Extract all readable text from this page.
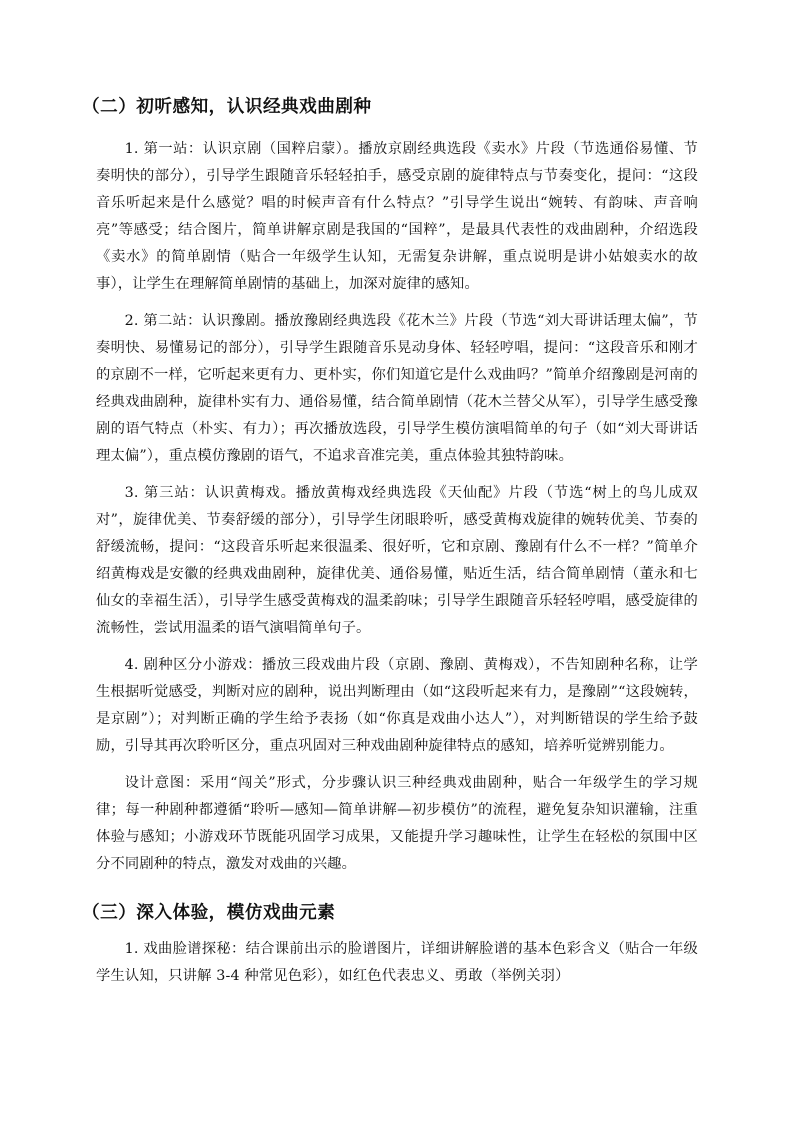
（二）初听感知，认识经典戏曲剧种

1. 第一站：认识京剧（国粹启蒙）。播放京剧经典选段《卖水》片段（节选通俗易懂、节奏明快的部分），引导学生跟随音乐轻轻拍手，感受京剧的旋律特点与节奏变化，提问：“这段音乐听起来是什么感觉？唱的时候声音有什么特点？”引导学生说出“婉转、有韵味、声音响亮”等感受；结合图片，简单讲解京剧是我国的“国粹”，是最具代表性的戏曲剧种，介绍选段《卖水》的简单剧情（贴合一年级学生认知，无需复杂讲解，重点说明是讲小姑娘卖水的故事），让学生在理解简单剧情的基础上，加深对旋律的感知。

2. 第二站：认识豫剧。播放豫剧经典选段《花木兰》片段（节选“刘大哥讲话理太偏”，节奏明快、易懂易记的部分），引导学生跟随音乐晃动身体、轻轻哼唱，提问：“这段音乐和刚才的京剧不一样，它听起来更有力、更朴实，你们知道它是什么戏曲吗？”简单介绍豫剧是河南的经典戏曲剧种，旋律朴实有力、通俗易懂，结合简单剧情（花木兰替父从军），引导学生感受豫剧的语气特点（朴实、有力）；再次播放选段，引导学生模仿演唱简单的句子（如“刘大哥讲话理太偏”），重点模仿豫剧的语气，不追求音准完美，重点体验其独特韵味。

3. 第三站：认识黄梅戏。播放黄梅戏经典选段《天仙配》片段（节选“树上的鸟儿成双对”，旋律优美、节奏舒缓的部分），引导学生闭眼聆听，感受黄梅戏旋律的婉转优美、节奏的舒缓流畅，提问：“这段音乐听起来很温柔、很好听，它和京剧、豫剧有什么不一样？”简单介绍黄梅戏是安徽的经典戏曲剧种，旋律优美、通俗易懂，贴近生活，结合简单剧情（董永和七仙女的幸福生活），引导学生感受黄梅戏的温柔韵味；引导学生跟随音乐轻轻哼唱，感受旋律的流畅性，尝试用温柔的语气演唱简单句子。

4. 剧种区分小游戏：播放三段戏曲片段（京剧、豫剧、黄梅戏），不告知剧种名称，让学生根据听觉感受，判断对应的剧种，说出判断理由（如“这段听起来有力，是豫剧”“这段婉转，是京剧”）；对判断正确的学生给予表扬（如“你真是戏曲小达人”），对判断错误的学生给予鼓励，引导其再次聆听区分，重点巩固对三种戏曲剧种旋律特点的感知，培养听觉辨别能力。

设计意图：采用“闯关”形式，分步骤认识三种经典戏曲剧种，贴合一年级学生的学习规律；每一种剧种都遵循“聆听—感知—简单讲解—初步模仿”的流程，避免复杂知识灌输，注重体验与感知；小游戏环节既能巩固学习成果，又能提升学习趣味性，让学生在轻松的氛围中区分不同剧种的特点，激发对戏曲的兴趣。

（三）深入体验，模仿戏曲元素

1. 戏曲脸谱探秘：结合课前出示的脸谱图片，详细讲解脸谱的基本色彩含义（贴合一年级学生认知，只讲解 3-4 种常见色彩），如红色代表忠义、勇敢（举例关羽）
